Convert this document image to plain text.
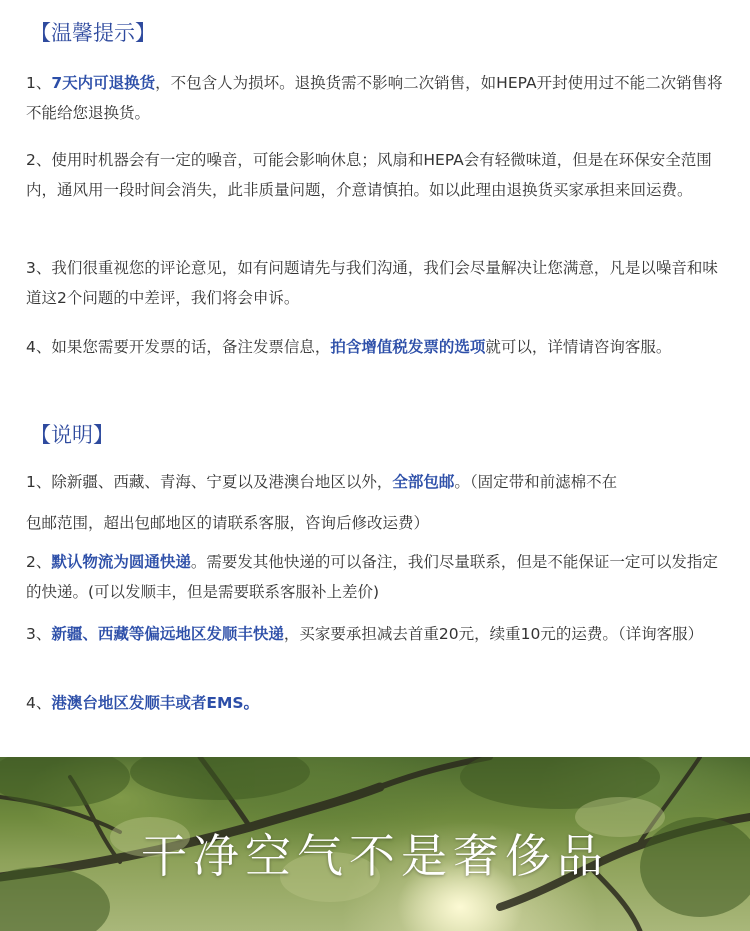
【温馨提示】

1、7天内可退换货，不包含人为损坏。退换货需不影响二次销售，如HEPA开封使用过不能二次销售将不能给您退换货。

2、使用时机器会有一定的噪音，可能会影响休息；风扇和HEPA会有轻微味道，但是在环保安全范围内，通风用一段时间会消失，此非质量问题，介意请慎拍。如以此理由退换货买家承担来回运费。

3、我们很重视您的评论意见，如有问题请先与我们沟通，我们会尽量解决让您满意，凡是以噪音和味道这2个问题的中差评，我们将会申诉。

4、如果您需要开发票的话，备注发票信息，拍含增值税发票的选项就可以，详情请咨询客服。

【说明】

1、除新疆、西藏、青海、宁夏以及港澳台地区以外，全部包邮。（固定带和前滤棉不在

包邮范围，超出包邮地区的请联系客服，咨询后修改运费）

2、默认物流为圆通快递。需要发其他快递的可以备注，我们尽量联系，但是不能保证一定可以发指定的快递。(可以发顺丰，但是需要联系客服补上差价)

3、新疆、西藏等偏远地区发顺丰快递，买家要承担减去首重20元，续重10元的运费。（详询客服）

4、港澳台地区发顺丰或者EMS。

干净空气不是奢侈品
